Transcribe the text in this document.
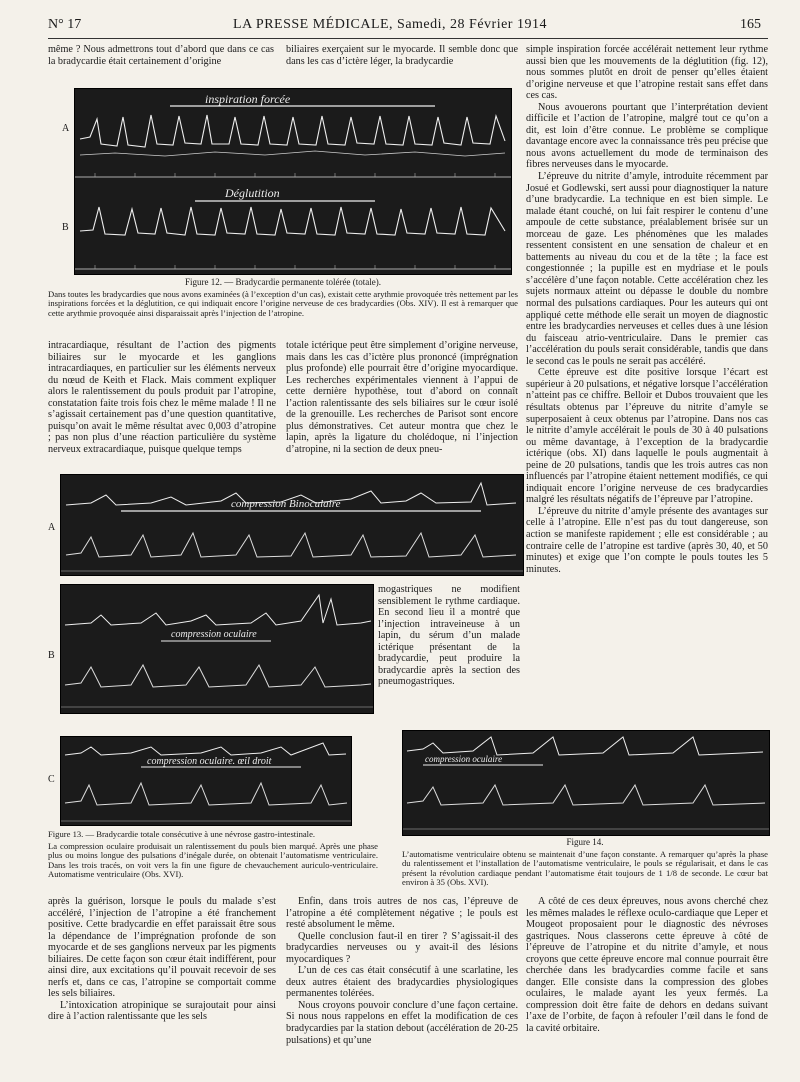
N° 17	LA PRESSE MÉDICALE, Samedi, 28 Février 1914	165

même ? Nous admettrons tout d’abord que dans ce cas la bradycardie était certainement d’origine

biliaires exerçaient sur le myocarde. Il semble donc que dans les cas d’ictère léger, la bradycardie

A
B
inspiration forcée
Déglutition
Figure 12. — Bradycardie permanente tolérée (totale).
Dans toutes les bradycardies que nous avons examinées (à l’exception d’un cas), existait cette arythmie provoquée très nettement par les inspirations forcées et la déglutition, ce qui indiquait encore l’origine nerveuse de ces bradycardies (Obs. XIV). Il est à remarquer que cette arythmie provoquée ainsi disparaissait après l’injection de l’atropine.

simple inspiration forcée accélérait nettement leur rythme aussi bien que les mouvements de la déglutition (fig. 12), nous sommes plutôt en droit de penser qu’elles étaient d’origine nerveuse et que l’atropine restait sans effet dans ces cas.

Nous avouerons pourtant que l’interprétation devient difficile et l’action de l’atropine, malgré tout ce qu’on a dit, est loin d’être connue. Le problème se complique davantage encore avec la connaissance très peu précise que nous avons actuellement du mode de terminaison des fibres nerveuses dans le myocarde.

L’épreuve du nitrite d’amyle, introduite récemment par Josué et Godlewski, sert aussi pour diagnostiquer la nature d’une bradycardie. La technique en est bien simple. Le malade étant couché, on lui fait respirer le contenu d’une ampoule de cette substance, préalablement brisée sur un morceau de gaze. Les phénomènes que les malades ressentent consistent en une sensation de chaleur et en battements au niveau du cou et de la tête ; la face est congestionnée ; la pupille est en mydriase et le pouls s’accélère d’une façon notable. Cette accélération chez les sujets normaux atteint ou dépasse le double du nombre normal des pulsations cardiaques. Pour les auteurs qui ont appliqué cette méthode elle serait un moyen de diagnostic entre les bradycardies nerveuses et celles dues à une lésion du faisceau atrio-ventriculaire. Dans le premier cas l’accélération du pouls serait considérable, tandis que dans le second cas le pouls ne serait pas accéléré.

Cette épreuve est dite positive lorsque l’écart est supérieur à 20 pulsations, et négative lorsque l’accélération n’atteint pas ce chiffre. Belloir et Dubos trouvaient que les résultats obtenus par l’épreuve du nitrite d’amyle se superposaient à ceux obtenus par l’atropine. Dans nos cas le nitrite d’amyle accélérait le pouls de 30 à 40 pulsations ou même davantage, à l’exception de la bradycardie ictérique (obs. XI) dans laquelle le pouls augmentait à peine de 20 pulsations, tandis que les trois autres cas non influencés par l’atropine étaient nettement modifiés, ce qui indiquait encore l’origine nerveuse de ces bradycardies malgré les résultats négatifs de l’épreuve par l’atropine.

L’épreuve du nitrite d’amyle présente des avantages sur celle à l’atropine. Elle n’est pas du tout dangereuse, son action se manifeste rapidement ; elle est considérable ; au contraire celle de l’atropine est tardive (après 30, 40, et 50 minutes) et exige que l’on compte le pouls toutes les 5 minutes.

intracardiaque, résultant de l’action des pigments biliaires sur le myocarde et les ganglions intracardiaques, en particulier sur les éléments nerveux du nœud de Keith et Flack. Mais comment expliquer alors le ralentissement du pouls produit par l’atropine, constatation faite trois fois chez le même malade ! Il ne s’agissait certainement pas d’une question quantitative, puisqu’on avait le même résultat avec 0,003 d’atropine ; pas non plus d’une réaction particulière du système nerveux extracardiaque, puisque quelque temps

totale ictérique peut être simplement d’origine nerveuse, mais dans les cas d’ictère plus prononcé (imprégnation plus profonde) elle pourrait être d’origine myocardique. Les recherches expérimentales viennent à l’appui de cette dernière hypothèse, tout d’abord on connaît l’action ralentissante des sels biliaires sur le cœur isolé de la grenouille. Les recherches de Parisot sont encore plus démonstratives. Cet auteur montra que chez le lapin, après la ligature du cholédoque, ni l’injection d’atropine, ni la section de deux pneu-

A
B
C
compression Binoculaire
compression oculaire
compression oculaire. œil droit
Figure 13. — Bradycardie totale consécutive à une névrose gastro-intestinale.
La compression oculaire produisait un ralentissement du pouls bien marqué. Après une phase plus ou moins longue des pulsations d’inégale durée, on obtenait l’automatisme ventriculaire. Dans les trois tracés, on voit vers la fin une figure de chevauchement auriculo-ventriculaire. Automatisme ventriculaire (Obs. XVI).

mogastriques ne modifient sensiblement le rythme cardiaque. En second lieu il a montré que l’injection intraveineuse à un lapin, du sérum d’un malade ictérique présentant de la bradycardie, peut produire la bradycardie après la section des pneumogastriques.

compression oculaire
Figure 14.
L’automatisme ventriculaire obtenu se maintenait d’une façon constante. A remarquer qu’après la phase du ralentissement et l’installation de l’automatisme ventriculaire, le pouls se régularisait, et dans le cas présent la révolution cardiaque pendant l’automatisme était toujours de 1 1/8 de seconde. Le cœur bat environ à 35 (Obs. XVI).

après la guérison, lorsque le pouls du malade s’est accéléré, l’injection de l’atropine a été franchement positive. Cette bradycardie en effet paraissait être sous la dépendance de l’imprégnation profonde de son myocarde et de ses ganglions nerveux par les pigments biliaires. De cette façon son cœur était indifférent, pour ainsi dire, aux excitations qu’il pouvait recevoir de ses nerfs et, dans ce cas, l’atropine se comportait comme les sels biliaires.

L’intoxication atropinique se surajoutait pour ainsi dire à l’action ralentissante que les sels

Enfin, dans trois autres de nos cas, l’épreuve de l’atropine a été complètement négative ; le pouls est resté absolument le même.

Quelle conclusion faut-il en tirer ? S’agissait-il des bradycardies nerveuses ou y avait-il des lésions myocardiques ?

L’un de ces cas était consécutif à une scarlatine, les deux autres étaient des bradycardies physiologiques permanentes tolérées.

Nous croyons pouvoir conclure d’une façon certaine. Si nous nous rappelons en effet la modification de ces bradycardies par la station debout (accélération de 20-25 pulsations) et qu’une

A côté de ces deux épreuves, nous avons cherché chez les mêmes malades le réflexe oculo-cardiaque que Leper et Mougeot proposaient pour le diagnostic des névroses gastriques. Nous classerons cette épreuve à côté de l’épreuve de l’atropine et du nitrite d’amyle, et nous croyons que cette épreuve encore mal connue pourrait être cherchée dans les bradycardies comme facile et sans danger. Elle consiste dans la compression des globes oculaires, le malade ayant les yeux fermés. La compression doit être faite de dehors en dedans suivant l’axe de l’orbite, de façon à refouler l’œil dans le fond de la cavité orbitaire.
